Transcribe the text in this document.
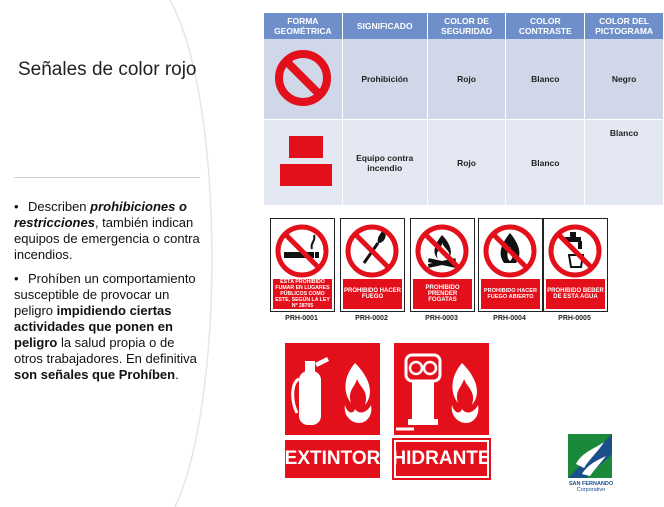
Señales de color rojo
• Describen prohibiciones o restricciones, también indican equipos de emergencia o contra incendios.
• Prohíben un comportamiento susceptible de provocar un peligro impidiendo ciertas actividades que ponen en peligro la salud propia o de otros trabajadores. En definitiva son señales que Prohíben.
FORMA GEOMÉTRICA	SIGNIFICADO	COLOR DE SEGURIDAD	COLOR CONTRASTE	COLOR DEL PICTOGRAMA
	Prohibición	Rojo	Blanco	Negro
	Equipo contra incendio	Rojo	Blanco	Blanco
ESTÁ PROHIBIDO FUMAR EN LUGARES PÚBLICOS COMO ESTE, SEGÚN LA LEY Nº 28705
PRH-0001
PROHIBIDO HACER FUEGO
PRH-0002
PROHIBIDO PRENDER FOGATAS
PRH-0003
PROHIBIDO HACER FUEGO ABIERTO
PRH-0004
PROHIBIDO BEBER DE ESTA AGUA
PRH-0005
EXTINTOR HIDRANTE
SAN FERNANDO
Corporativo
